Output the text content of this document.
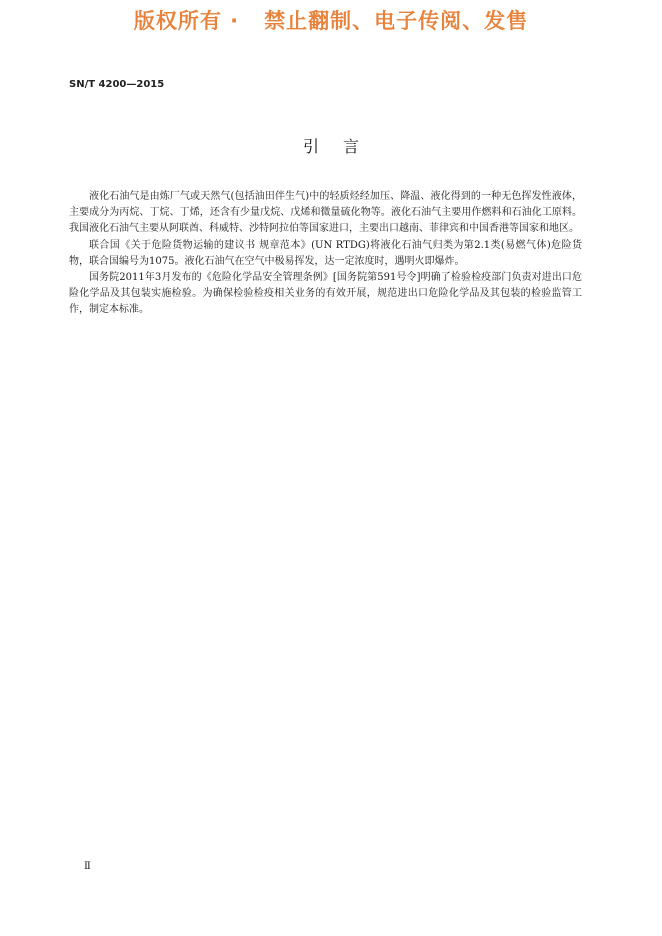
版权所有 ·   禁止翻制、电子传阅、发售
SN/T 4200—2015
引言

液化石油气是由炼厂气或天然气(包括油田伴生气)中的轻质烃经加压、降温、液化得到的一种无色挥发性液体，主要成分为丙烷、丁烷、丁烯，还含有少量戊烷、戊烯和微量硫化物等。液化石油气主要用作燃料和石油化工原料。我国液化石油气主要从阿联酋、科威特、沙特阿拉伯等国家进口，主要出口越南、菲律宾和中国香港等国家和地区。

联合国《关于危险货物运输的建议书 规章范本》(UN RTDG)将液化石油气归类为第2.1类(易燃气体)危险货物，联合国编号为1075。液化石油气在空气中极易挥发，达一定浓度时，遇明火即爆炸。

国务院2011年3月发布的《危险化学品安全管理条例》[国务院第591号令]明确了检验检疫部门负责对进出口危险化学品及其包装实施检验。为确保检验检疫相关业务的有效开展，规范进出口危险化学品及其包装的检验监管工作，制定本标准。

Ⅱ
